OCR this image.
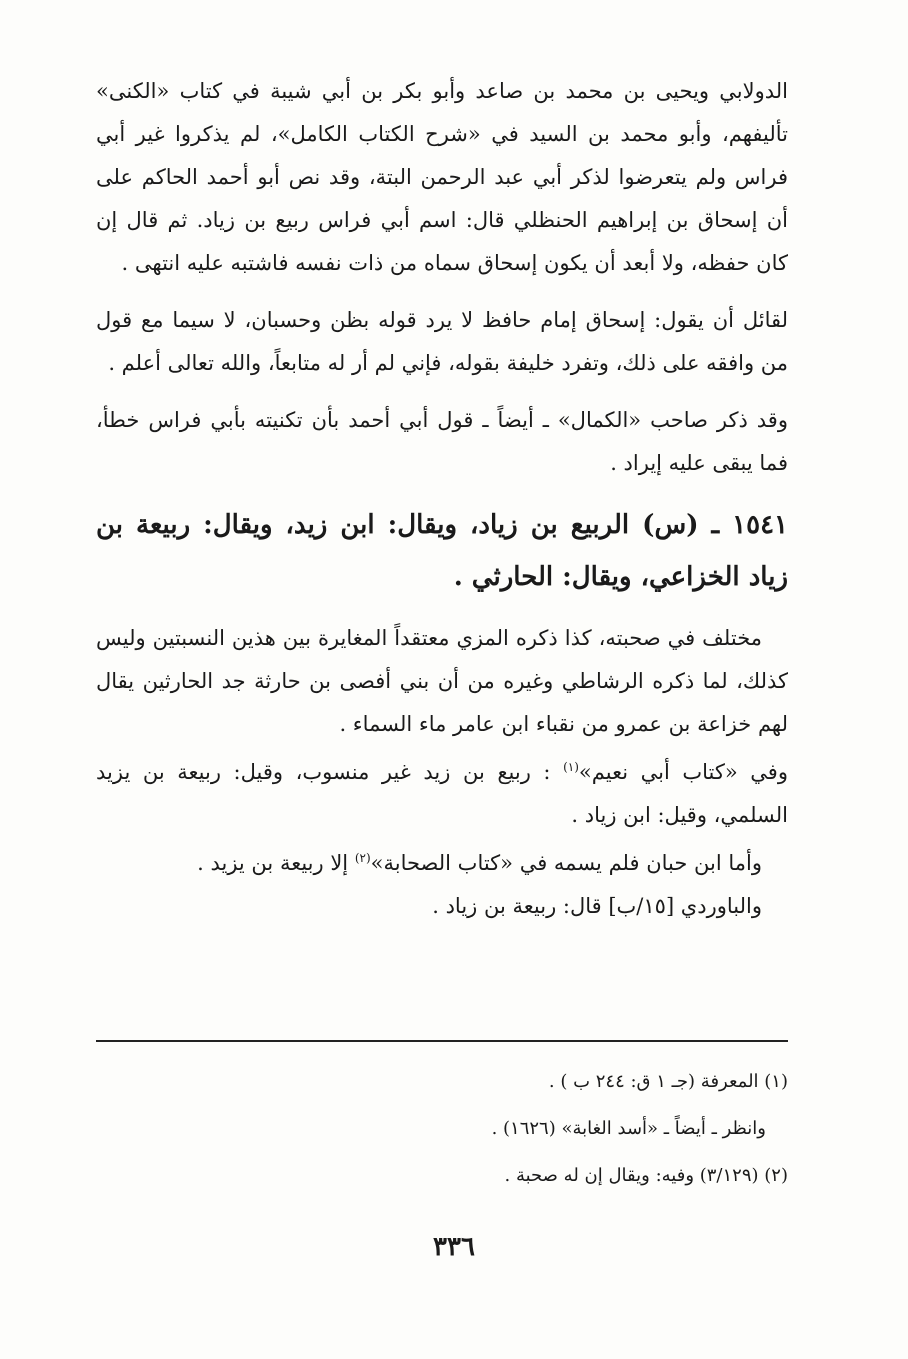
الدولابي ويحيى بن محمد بن صاعد وأبو بكر بن أبي شيبة في كتاب «الكنى» تأليفهم، وأبو محمد بن السيد في «شرح الكتاب الكامل»، لم يذكروا غير أبي فراس ولم يتعرضوا لذكر أبي عبد الرحمن البتة، وقد نص أبو أحمد الحاكم على أن إسحاق بن إبراهيم الحنظلي قال: اسم أبي فراس ربيع بن زياد. ثم قال إن كان حفظه، ولا أبعد أن يكون إسحاق سماه من ذات نفسه فاشتبه عليه انتهى .

لقائل أن يقول: إسحاق إمام حافظ لا يرد قوله بظن وحسبان، لا سيما مع قول من وافقه على ذلك، وتفرد خليفة بقوله، فإني لم أر له متابعاً، والله تعالى أعلم .

وقد ذكر صاحب «الكمال» ـ أيضاً ـ قول أبي أحمد بأن تكنيته بأبي فراس خطأ، فما يبقى عليه إيراد .

١٥٤١ ـ (س) الربيع بن زياد، ويقال: ابن زيد، ويقال: ربيعة بن زياد الخزاعي، ويقال: الحارثي .

مختلف في صحبته، كذا ذكره المزي معتقداً المغايرة بين هذين النسبتين وليس كذلك، لما ذكره الرشاطي وغيره من أن بني أفصى بن حارثة جد الحارثين يقال لهم خزاعة بن عمرو من نقباء ابن عامر ماء السماء .

وفي «كتاب أبي نعيم»$^{(١)}$ : ربيع بن زيد غير منسوب، وقيل: ربيعة بن يزيد السلمي، وقيل: ابن زياد .

وأما ابن حبان فلم يسمه في «كتاب الصحابة»$^{(٢)}$ إلا ربيعة بن يزيد .

والباوردي [١٥/ب] قال: ربيعة بن زياد .

(١) المعرفة (جـ ١ ق: ٢٤٤ ب ) .

وانظر ـ أيضاً ـ «أسد الغابة» (١٦٢٦) .

(٢) (٣/١٢٩) وفيه: ويقال إن له صحبة .

٣٣٦
